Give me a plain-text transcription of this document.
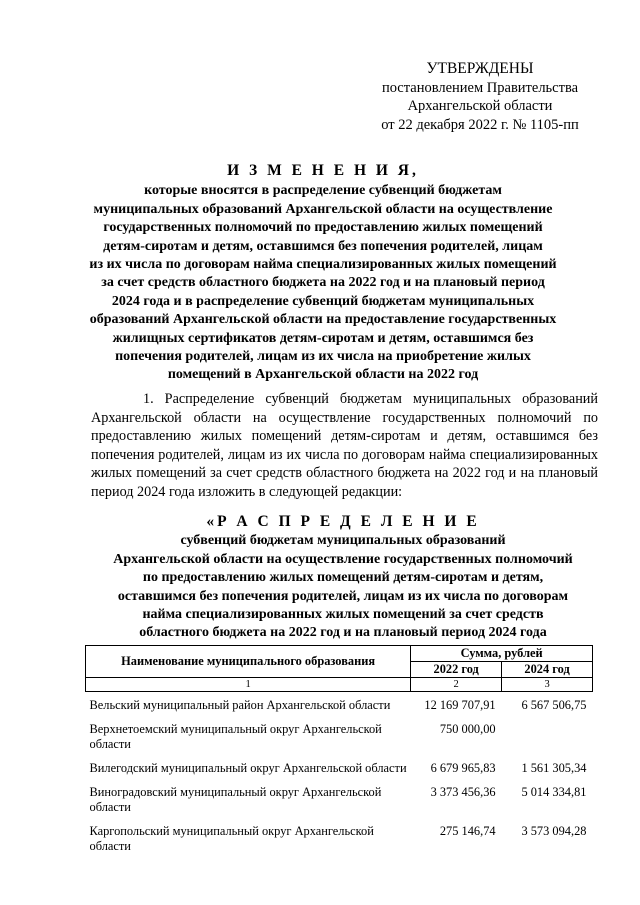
УТВЕРЖДЕНЫ
постановлением Правительства
Архангельской области
от 22 декабря 2022 г. № 1105-пп
И З М Е Н Е Н И Я,
которые вносятся в распределение субвенций бюджетам
муниципальных образований Архангельской области на осуществление
государственных полномочий по предоставлению жилых помещений
детям-сиротам и детям, оставшимся без попечения родителей, лицам
из их числа по договорам найма специализированных жилых помещений
за счет средств областного бюджета на 2022 год и на плановый период
2024 года и в распределение субвенций бюджетам муниципальных
образований Архангельской области на предоставление государственных
жилищных сертификатов детям-сиротам и детям, оставшимся без
попечения родителей, лицам из их числа на приобретение жилых
помещений в Архангельской области на 2022 год
1. Распределение субвенций бюджетам муниципальных образований Архангельской области на осуществление государственных полномочий по предоставлению жилых помещений детям-сиротам и детям, оставшимся без попечения родителей, лицам из их числа по договорам найма специализированных жилых помещений за счет средств областного бюджета на 2022 год и на плановый период 2024 года изложить в следующей редакции:
«Р А С П Р Е Д Е Л Е Н И Е
субвенций бюджетам муниципальных образований
Архангельской области на осуществление государственных полномочий
по предоставлению жилых помещений детям-сиротам и детям,
оставшимся без попечения родителей, лицам из их числа по договорам
найма специализированных жилых помещений за счет средств
областного бюджета на 2022 год и на плановый период 2024 года
Наименование муниципального образования	Сумма, рублей	
	2022 год	2024 год
1	2	3
Вельский муниципальный район Архангельской области	12 169 707,91	6 567 506,75
Верхнетоемский муниципальный округ Архангельской области	750 000,00	
Вилегодский муниципальный округ Архангельской области	6 679 965,83	1 561 305,34
Виноградовский муниципальный округ Архангельской области	3 373 456,36	5 014 334,81
Каргопольский муниципальный округ Архангельской области	275 146,74	3 573 094,28
